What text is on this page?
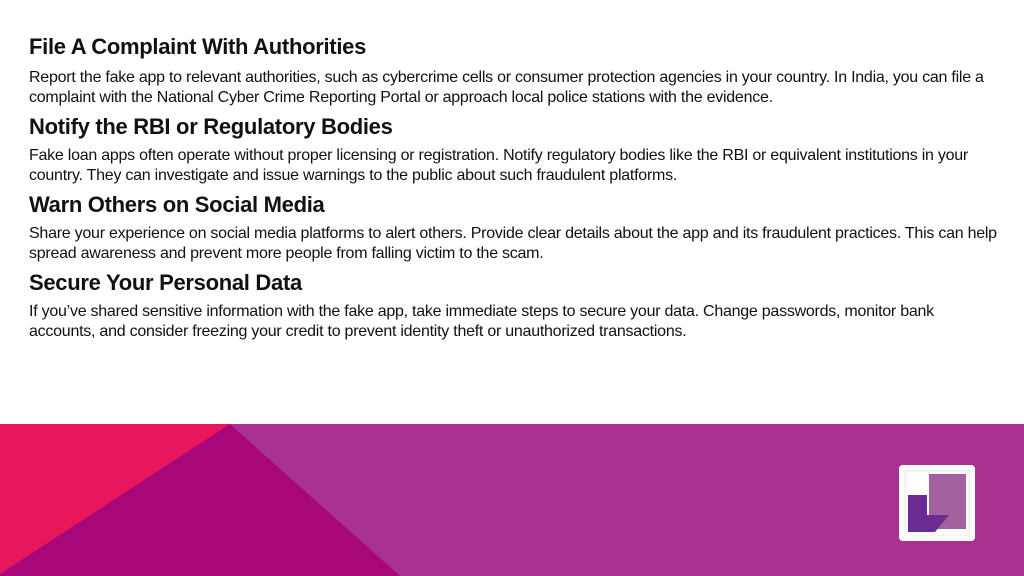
File A Complaint With Authorities

Report the fake app to relevant authorities, such as cybercrime cells or consumer protection agencies in your country. In India, you can file a complaint with the National Cyber Crime Reporting Portal or approach local police stations with the evidence.

Notify the RBI or Regulatory Bodies

Fake loan apps often operate without proper licensing or registration. Notify regulatory bodies like the RBI or equivalent institutions in your country. They can investigate and issue warnings to the public about such fraudulent platforms.

Warn Others on Social Media

Share your experience on social media platforms to alert others. Provide clear details about the app and its fraudulent practices. This can help spread awareness and prevent more people from falling victim to the scam.

Secure Your Personal Data

If you’ve shared sensitive information with the fake app, take immediate steps to secure your data. Change passwords, monitor bank accounts, and consider freezing your credit to prevent identity theft or unauthorized transactions.
